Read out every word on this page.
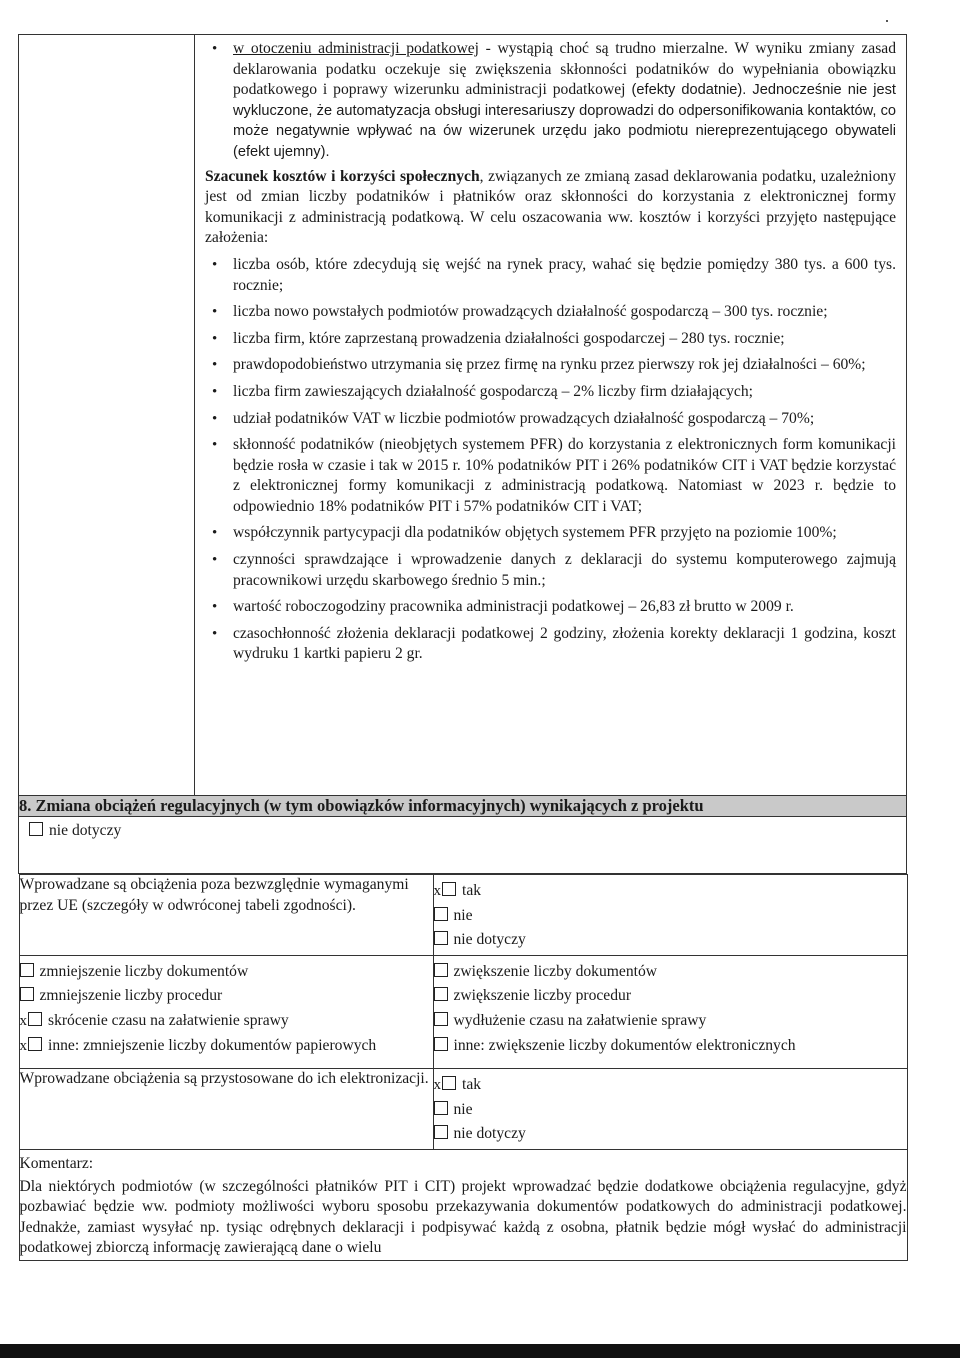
• w otoczeniu administracji podatkowej - wystąpią choć są trudno mierzalne. W wyniku zmiany zasad deklarowania podatku oczekuje się zwiększenia skłonności podatników do wypełniania obowiązku podatkowego i poprawy wizerunku administracji podatkowej (efekty dodatnie). Jednocześnie nie jest wykluczone, że automatyzacja obsługi interesariuszy doprowadzi do odpersonifikowania kontaktów, co może negatywnie wpływać na ów wizerunek urzędu jako podmiotu niereprezentującego obywateli (efekt ujemny).

Szacunek kosztów i korzyści społecznych, związanych ze zmianą zasad deklarowania podatku, uzależniony jest od zmian liczby podatników i płatników oraz skłonności do korzystania z elektronicznej formy komunikacji z administracją podatkową. W celu oszacowania ww. kosztów i korzyści przyjęto następujące założenia:

• liczba osób, które zdecydują się wejść na rynek pracy, wahać się będzie pomiędzy 380 tys. a 600 tys. rocznie;
• liczba nowo powstałych podmiotów prowadzących działalność gospodarczą – 300 tys. rocznie;
• liczba firm, które zaprzestaną prowadzenia działalności gospodarczej – 280 tys. rocznie;
• prawdopodobieństwo utrzymania się przez firmę na rynku przez pierwszy rok jej działalności – 60%;
• liczba firm zawieszających działalność gospodarczą – 2% liczby firm działających;
• udział podatników VAT w liczbie podmiotów prowadzących działalność gospodarczą – 70%;
• skłonność podatników (nieobjętych systemem PFR) do korzystania z elektronicznych form komunikacji będzie rosła w czasie i tak w 2015 r. 10% podatników PIT i 26% podatników CIT i VAT będzie korzystać z elektronicznej formy komunikacji z administracją podatkową. Natomiast w 2023 r. będzie to odpowiednio 18% podatników PIT i 57% podatników CIT i VAT;
• współczynnik partycypacji dla podatników objętych systemem PFR przyjęto na poziomie 100%;
• czynności sprawdzające i wprowadzenie danych z deklaracji do systemu komputerowego zajmują pracownikowi urzędu skarbowego średnio 5 min.;
• wartość roboczogodziny pracownika administracji podatkowej – 26,83 zł brutto w 2009 r.
• czasochłonność złożenia deklaracji podatkowej 2 godziny, złożenia korekty deklaracji 1 godzina, koszt wydruku 1 kartki papieru 2 gr.

8. Zmiana obciążeń regulacyjnych (w tym obowiązków informacyjnych) wynikających z projektu
nie dotyczy

Wprowadzane są obciążenia poza bezwzględnie wymaganymi przez UE (szczegóły w odwróconej tabeli zgodności).	
x tak
nie
nie dotyczy

zmniejszenie liczby dokumentów
zmniejszenie liczby procedur
x skrócenie czasu na załatwienie sprawy
x inne: zmniejszenie liczby dokumentów papierowych

zwiększenie liczby dokumentów
zwiększenie liczby procedur
wydłużenie czasu na załatwienie sprawy
inne: zwiększenie liczby dokumentów elektronicznych

Wprowadzane obciążenia są przystosowane do ich elektronizacji.	x tak
nie
nie dotyczy

Komentarz:
Dla niektórych podmiotów (w szczególności płatników PIT i CIT) projekt wprowadzać będzie dodatkowe obciążenia regulacyjne, gdyż pozbawiać będzie ww. podmioty możliwości wyboru sposobu przekazywania dokumentów podatkowych do administracji podatkowej. Jednakże, zamiast wysyłać np. tysiąc odrębnych deklaracji i podpisywać każdą z osobna, płatnik będzie mógł wysłać do administracji podatkowej zbiorczą informację zawierającą dane o wielu
